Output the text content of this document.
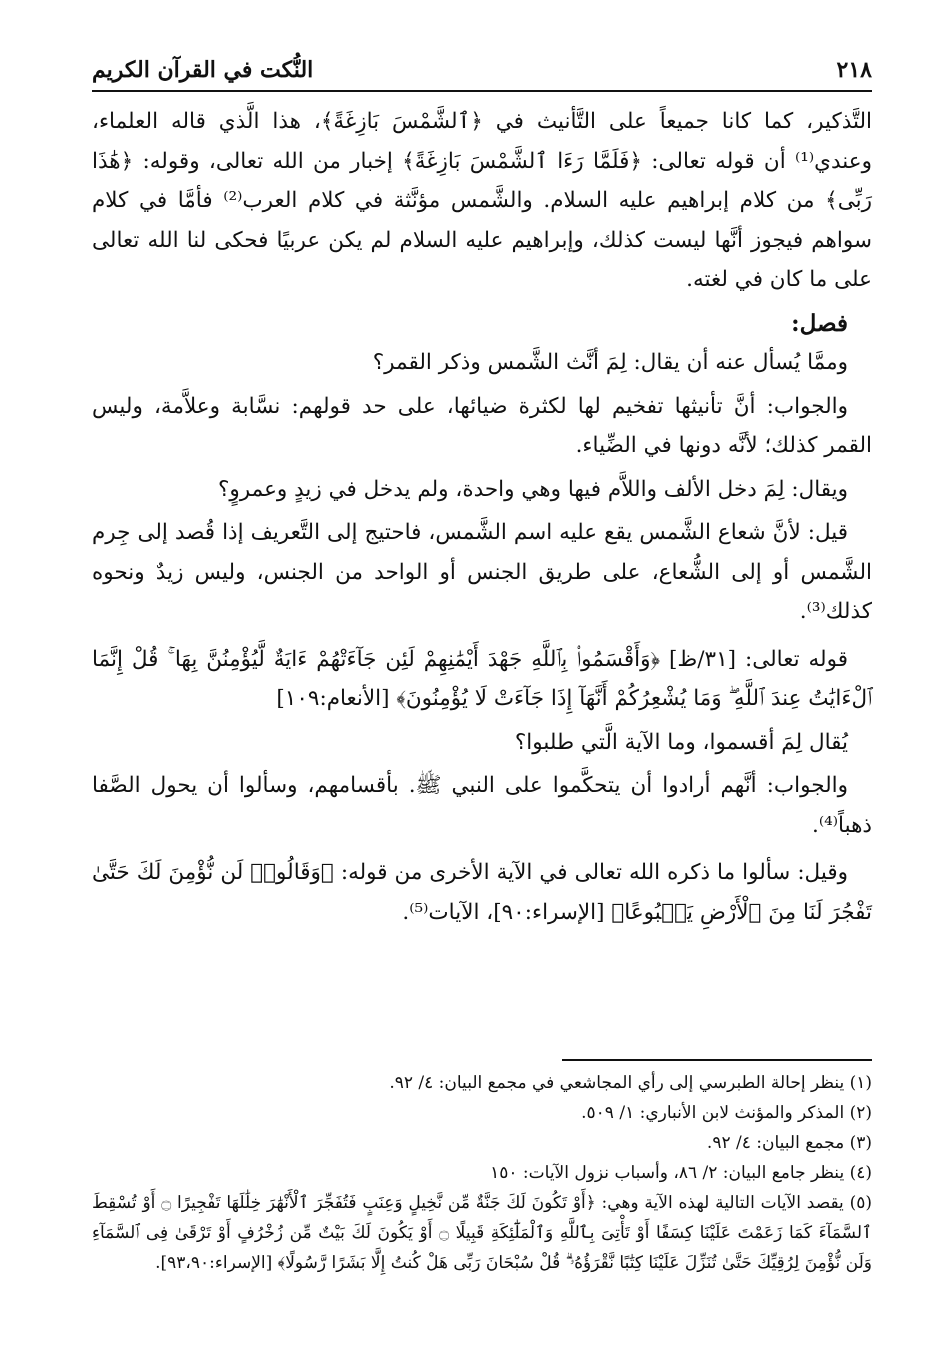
٢١٨
النُّكت في القرآن الكريم

التَّذكير، كما كانا جميعاً على التَّأنيث في ﴿ٱلشَّمْسَ بَازِغَةً﴾، هذا الَّذي قاله العلماء، وعندي⁽¹⁾ أن قوله تعالى: ﴿فَلَمَّا رَءَا ٱلشَّمْسَ بَازِغَةً﴾ إخبار من الله تعالى، وقوله: ﴿هَٰذَا رَبِّى﴾ من كلام إبراهيم عليه السلام. والشَّمس مؤنَّثة في كلام العرب⁽²⁾ فأمَّا في كلام سواهم فيجوز أنَّها ليست كذلك، وإبراهيم عليه السلام لم يكن عربيًا فحكى لنا الله تعالى على ما كان في لغته.

فصل:

وممَّا يُسأل عنه أن يقال: لِمَ أنَّث الشَّمس وذكر القمر؟

والجواب: أنَّ تأنيثها تفخيم لها لكثرة ضيائها، على حد قولهم: نسَّابة وعلاَّمة، وليس القمر كذلك؛ لأنَّه دونها في الضِّياء.

ويقال: لِمَ دخل الألف واللاَّم فيها وهي واحدة، ولم يدخل في زيدٍ وعمروٍ؟

قيل: لأنَّ شعاع الشَّمس يقع عليه اسم الشَّمس، فاحتيج إلى التَّعريف إذا قُصد إلى جِرم الشَّمس أو إلى الشُّعاع، على طريق الجنس أو الواحد من الجنس، وليس زيدٌ ونحوه كذلك⁽³⁾.

قوله تعالى: [٣١/ظ] ﴿وَأَقْسَمُوا۟ بِٱللَّهِ جَهْدَ أَيْمَٰنِهِمْ لَئِن جَآءَتْهُمْ ءَايَةٌ لَّيُؤْمِنُنَّ بِهَا ۚ قُلْ إِنَّمَا ٱلْءَايَٰتُ عِندَ ٱللَّهِ ۖ وَمَا يُشْعِرُكُمْ أَنَّهَآ إِذَا جَآءَتْ لَا يُؤْمِنُونَ﴾ [الأنعام:١٠٩]

يُقال لِمَ أقسموا، وما الآية الَّتي طلبوا؟

والجواب: أنَّهم أرادوا أن يتحكَّموا على النبي ﷺ. بأقسامهم، وسألوا أن يحول الصَّفا ذهباً⁽⁴⁾.

وقيل: سألوا ما ذكره الله تعالى في الآية الأخرى من قوله: ﴿وَقَالُوا۟ لَن نُّؤْمِنَ لَكَ حَتَّىٰ تَفْجُرَ لَنَا مِنَ ٱلْأَرْضِ يَنۢبُوعًا﴾ [الإسراء:٩٠]، الآيات⁽⁵⁾.

(١) ينظر إحالة الطبرسي إلى رأي المجاشعي في مجمع البيان: ٤/ ٩٢.

(٢) المذكر والمؤنث لابن الأنباري: ١/ ٥٠٩.

(٣) مجمع البيان: ٤/ ٩٢.

(٤) ينظر جامع البيان: ٢/ ٨٦، وأسباب نزول الآيات: ١٥٠

(٥) يقصد الآيات التالية لهذه الآية وهي: ﴿أَوْ تَكُونَ لَكَ جَنَّةٌ مِّن نَّخِيلٍ وَعِنَبٍ فَتُفَجِّرَ ٱلْأَنْهَٰرَ خِلَٰلَهَا تَفْجِيرًا ۝ أَوْ تُسْقِطَ ٱلسَّمَآءَ كَمَا زَعَمْتَ عَلَيْنَا كِسَفًا أَوْ تَأْتِىَ بِٱللَّهِ وَٱلْمَلَٰٓئِكَةِ قَبِيلًا ۝ أَوْ يَكُونَ لَكَ بَيْتٌ مِّن زُخْرُفٍ أَوْ تَرْقَىٰ فِى ٱلسَّمَآءِ وَلَن نُّؤْمِنَ لِرُقِيِّكَ حَتَّىٰ تُنَزِّلَ عَلَيْنَا كِتَٰبًا نَّقْرَؤُهُۥ ۗ قُلْ سُبْحَانَ رَبِّى هَلْ كُنتُ إِلَّا بَشَرًا رَّسُولًا﴾ [الإسراء:٩٣،٩٠].
